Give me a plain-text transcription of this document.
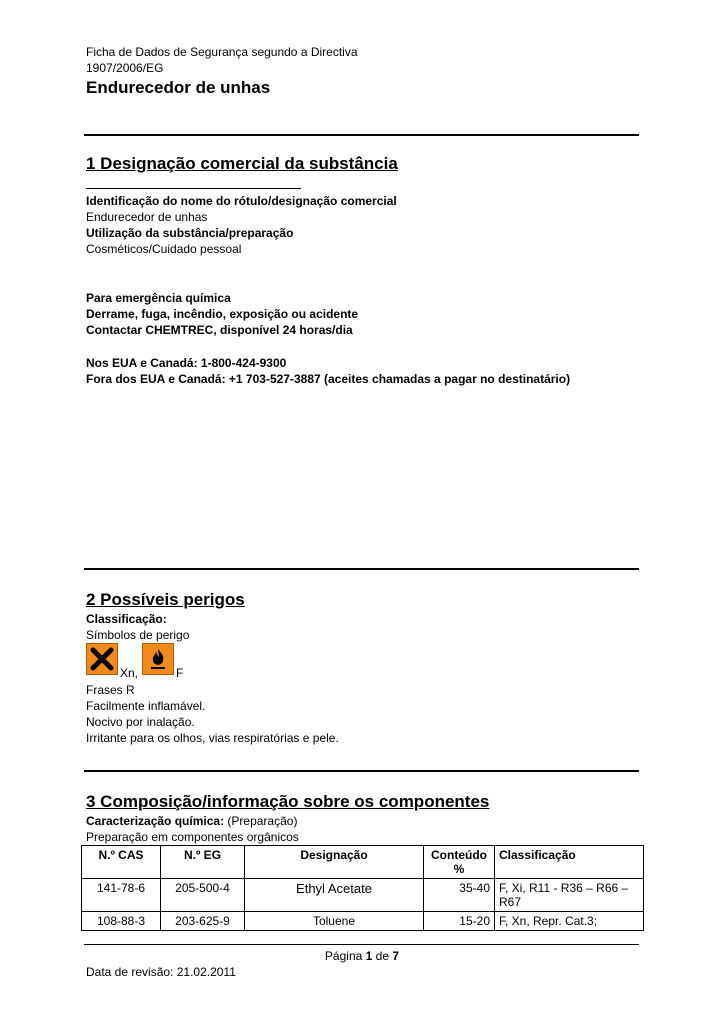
Ficha de Dados de Segurança segundo a Directiva
1907/2006/EG
Endurecedor de unhas
1 Designação comercial da substância
Identificação do nome do rótulo/designação comercial
Endurecedor de unhas
Utilização da substância/preparação
Cosméticos/Cuidado pessoal
Para emergência química
Derrame, fuga, incêndio, exposição ou acidente
Contactar CHEMTREC, disponível 24 horas/dia
Nos EUA e Canadá: 1-800-424-9300
Fora dos EUA e Canadá: +1 703-527-3887 (aceites chamadas a pagar no destinatário)
2 Possíveis perigos
Classificação:
Símbolos de perigo
Xn,	F
Frases R
Facilmente inflamável.
Nocivo por inalação.
Irritante para os olhos, vias respiratórias e pele.
3 Composição/informação sobre os componentes
Caracterização química: (Preparação)
Preparação em componentes orgânicos
N.º CAS	N.º EG	Designação	Conteúdo %	Classificação
141-78-6	205-500-4	Ethyl Acetate	35-40	F, Xi, R11 - R36 – R66 – R67
108-88-3	203-625-9	Toluene	15-20	F, Xn, Repr. Cat.3;
Página 1 de 7
Data de revisão: 21.02.2011
